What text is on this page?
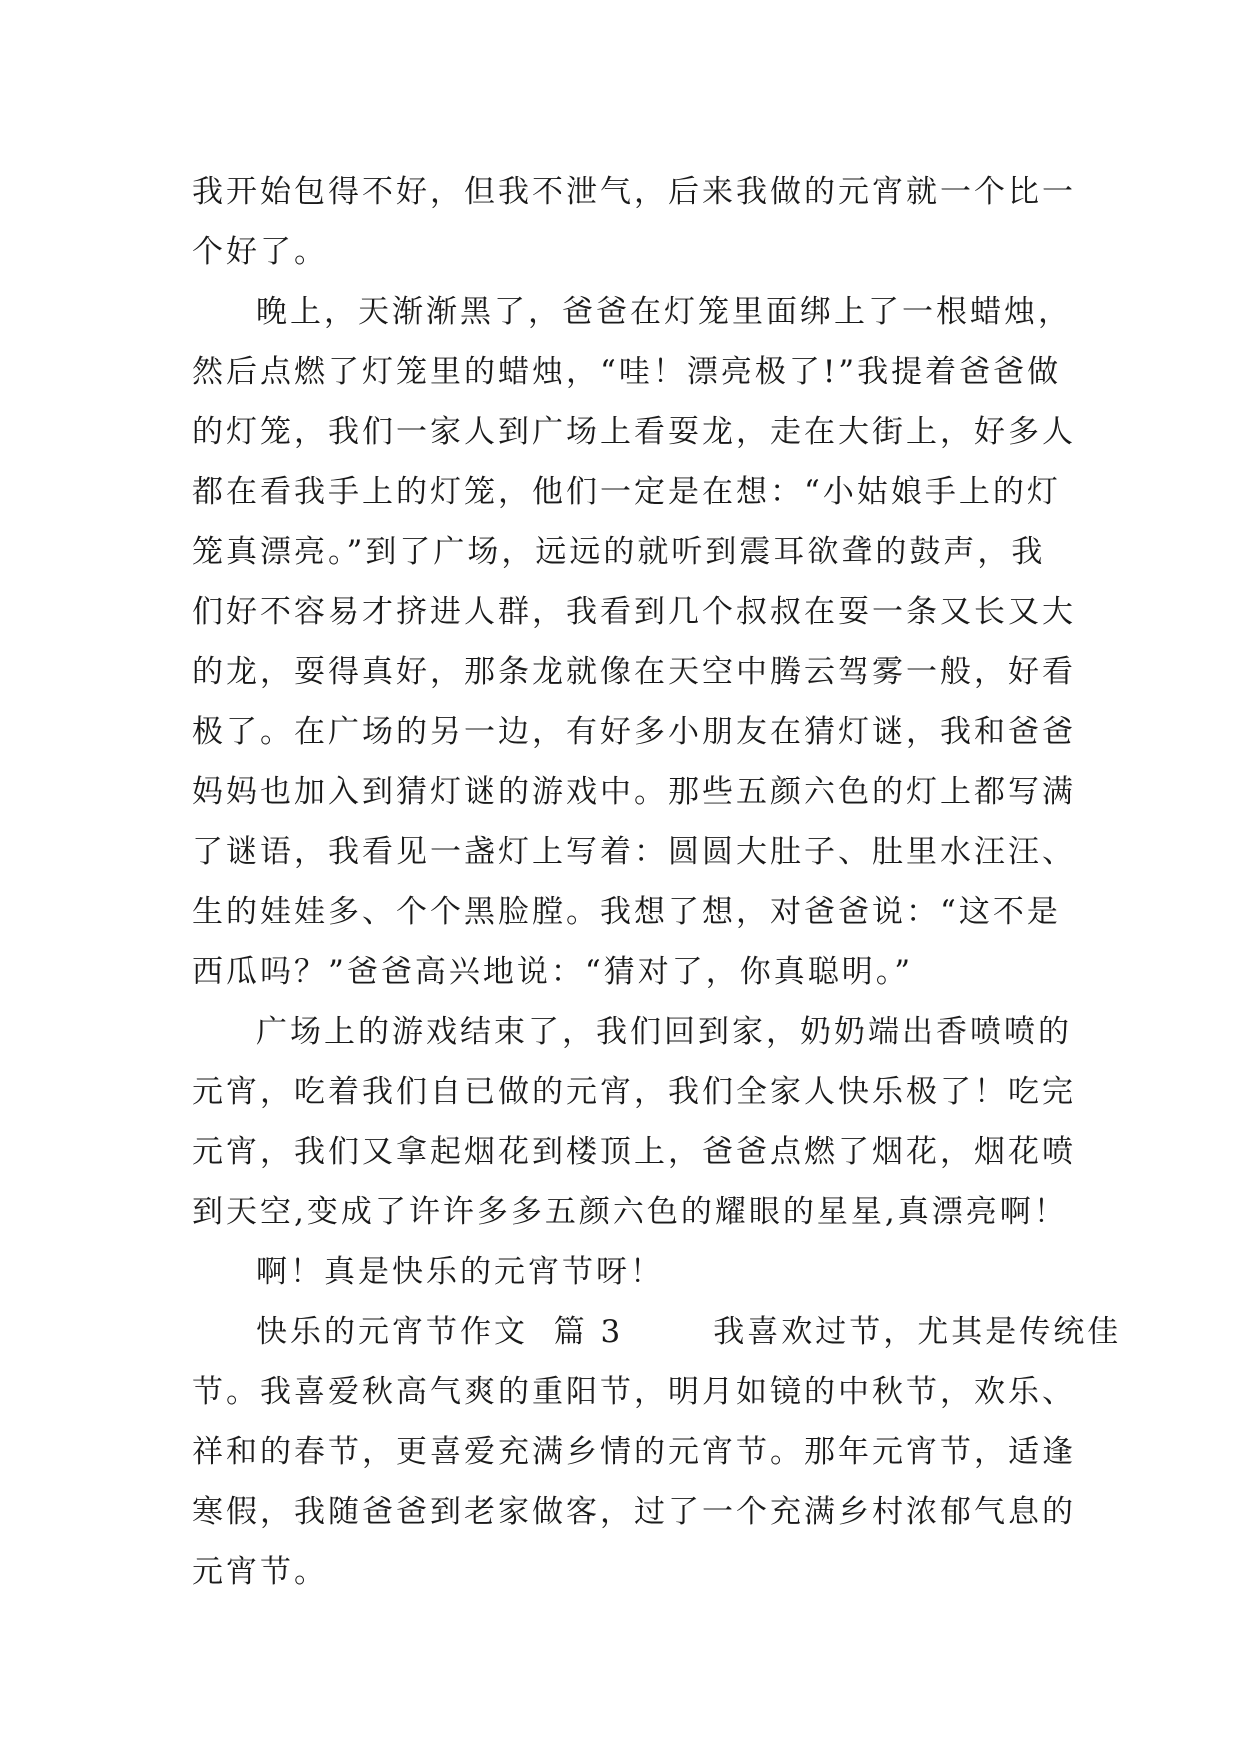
我开始包得不好，但我不泄气，后来我做的元宵就一个比一
个好了。
晚上，天渐渐黑了，爸爸在灯笼里面绑上了一根蜡烛，
然后点燃了灯笼里的蜡烛，“哇！漂亮极了!”我提着爸爸做
的灯笼，我们一家人到广场上看耍龙，走在大街上，好多人
都在看我手上的灯笼，他们一定是在想：“小姑娘手上的灯
笼真漂亮。”到了广场，远远的就听到震耳欲聋的鼓声，我
们好不容易才挤进人群，我看到几个叔叔在耍一条又长又大
的龙，耍得真好，那条龙就像在天空中腾云驾雾一般，好看
极了。在广场的另一边，有好多小朋友在猜灯谜，我和爸爸
妈妈也加入到猜灯谜的游戏中。那些五颜六色的灯上都写满
了谜语，我看见一盏灯上写着：圆圆大肚子、肚里水汪汪、
生的娃娃多、个个黑脸膛。我想了想，对爸爸说：“这不是
西瓜吗？”爸爸高兴地说：“猜对了，你真聪明。”
广场上的游戏结束了，我们回到家，奶奶端出香喷喷的
元宵，吃着我们自已做的元宵，我们全家人快乐极了！吃完
元宵，我们又拿起烟花到楼顶上，爸爸点燃了烟花，烟花喷
到天空,变成了许许多多五颜六色的耀眼的星星,真漂亮啊！
啊！真是快乐的元宵节呀！
快乐的元宵节作文  篇 3       我喜欢过节，尤其是传统佳
节。我喜爱秋高气爽的重阳节，明月如镜的中秋节，欢乐、
祥和的春节，更喜爱充满乡情的元宵节。那年元宵节，适逢
寒假，我随爸爸到老家做客，过了一个充满乡村浓郁气息的
元宵节。
